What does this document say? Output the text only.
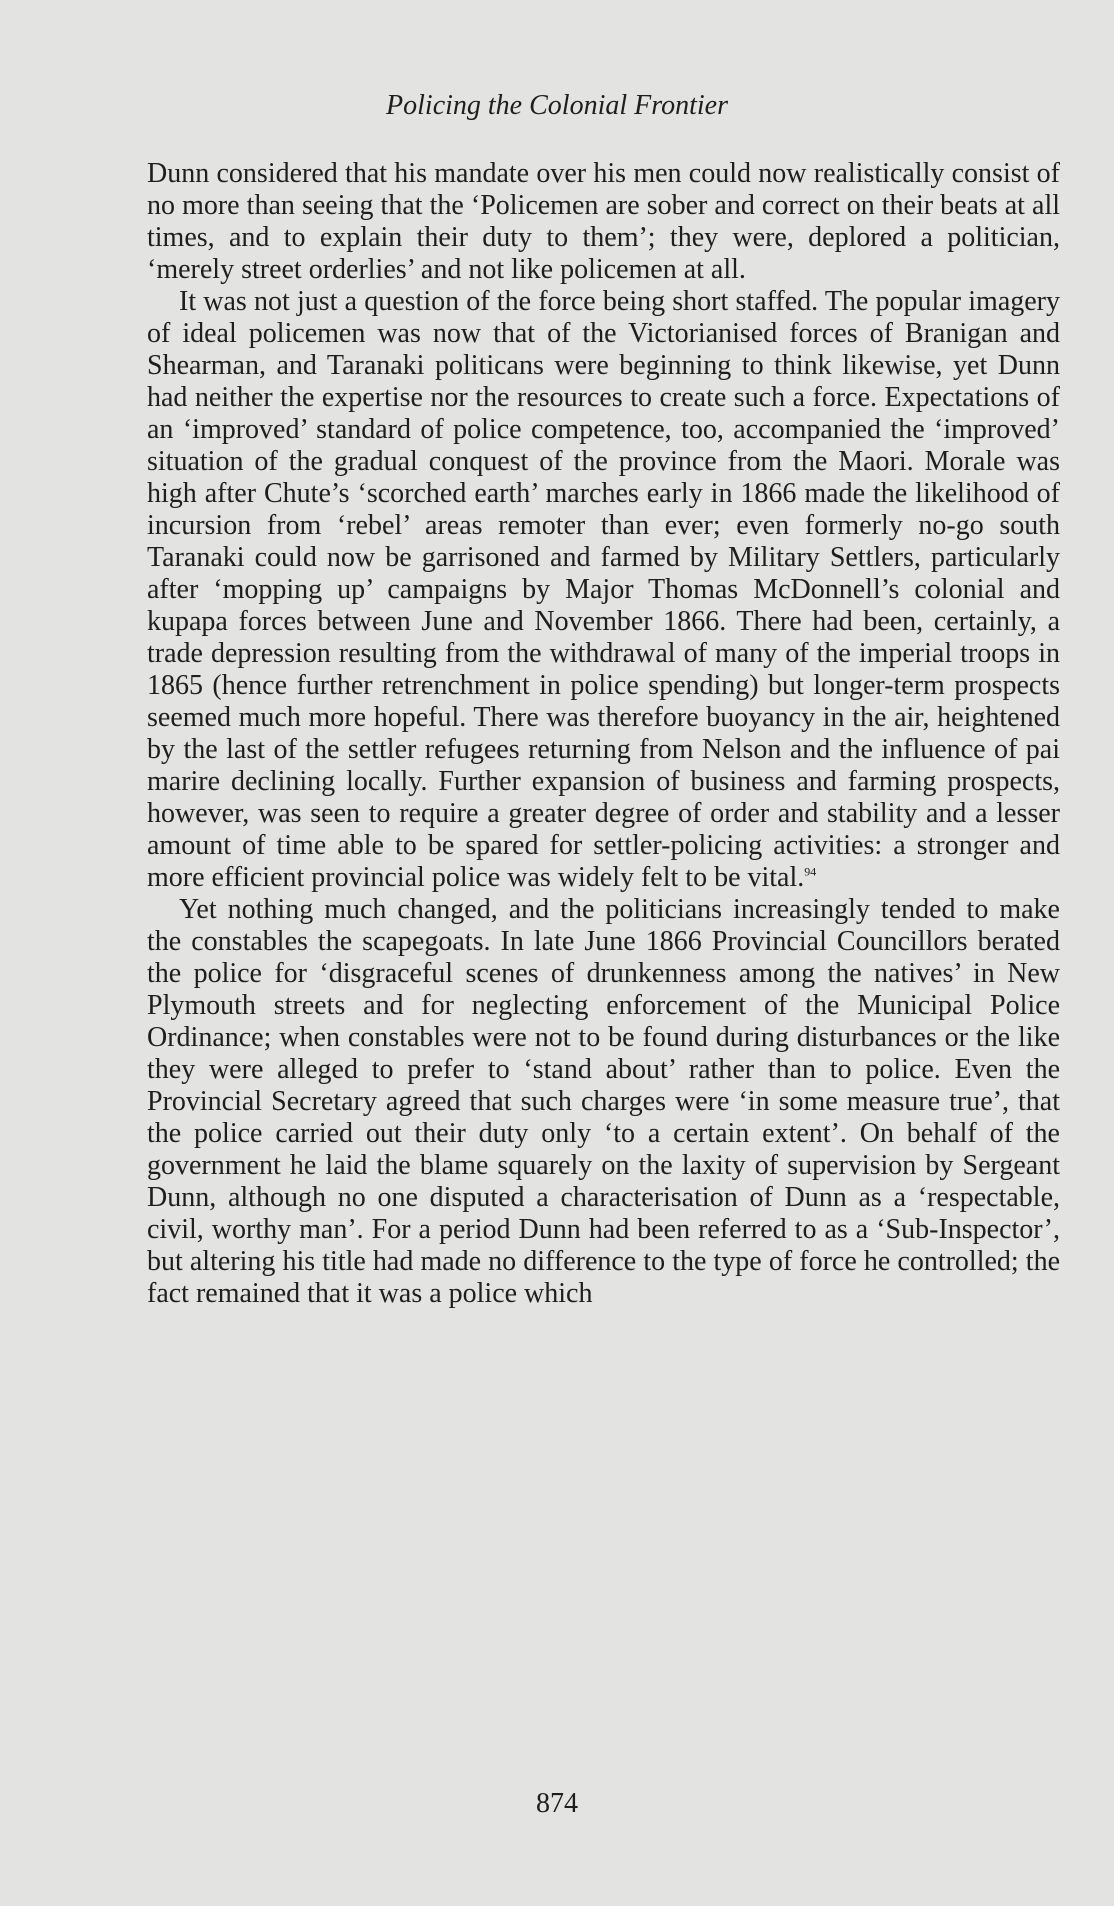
Policing the Colonial Frontier

Dunn considered that his mandate over his men could now realistically consist of no more than seeing that the ‘Policemen are sober and correct on their beats at all times, and to explain their duty to them’; they were, deplored a politician, ‘merely street orderlies’ and not like policemen at all.

It was not just a question of the force being short staffed. The popular imagery of ideal policemen was now that of the Victorianised forces of Branigan and Shearman, and Taranaki politicans were beginning to think likewise, yet Dunn had neither the expertise nor the resources to create such a force. Expectations of an ‘improved’ standard of police competence, too, accompanied the ‘improved’ situation of the gradual conquest of the province from the Maori. Morale was high after Chute’s ‘scorched earth’ marches early in 1866 made the likelihood of incursion from ‘rebel’ areas remoter than ever; even formerly no-go south Taranaki could now be garrisoned and farmed by Military Settlers, particularly after ‘mopping up’ campaigns by Major Thomas McDonnell’s colonial and kupapa forces between June and November 1866. There had been, certainly, a trade depression resulting from the withdrawal of many of the imperial troops in 1865 (hence further retrenchment in police spending) but longer-term prospects seemed much more hopeful. There was therefore buoyancy in the air, heightened by the last of the settler refugees returning from Nelson and the influence of pai marire declining locally. Further expansion of business and farming prospects, however, was seen to require a greater degree of order and stability and a lesser amount of time able to be spared for settler-policing activities: a stronger and more efficient provincial police was widely felt to be vital.$^{94}$

Yet nothing much changed, and the politicians increasingly tended to make the constables the scapegoats. In late June 1866 Provincial Councillors berated the police for ‘disgraceful scenes of drunkenness among the natives’ in New Plymouth streets and for neglecting enforcement of the Municipal Police Ordinance; when constables were not to be found during disturbances or the like they were alleged to prefer to ‘stand about’ rather than to police. Even the Provincial Secretary agreed that such charges were ‘in some measure true’, that the police carried out their duty only ‘to a certain extent’. On behalf of the government he laid the blame squarely on the laxity of supervision by Sergeant Dunn, although no one disputed a characterisation of Dunn as a ‘respectable, civil, worthy man’. For a period Dunn had been referred to as a ‘Sub-Inspector’, but altering his title had made no difference to the type of force he controlled; the fact remained that it was a police which

874
